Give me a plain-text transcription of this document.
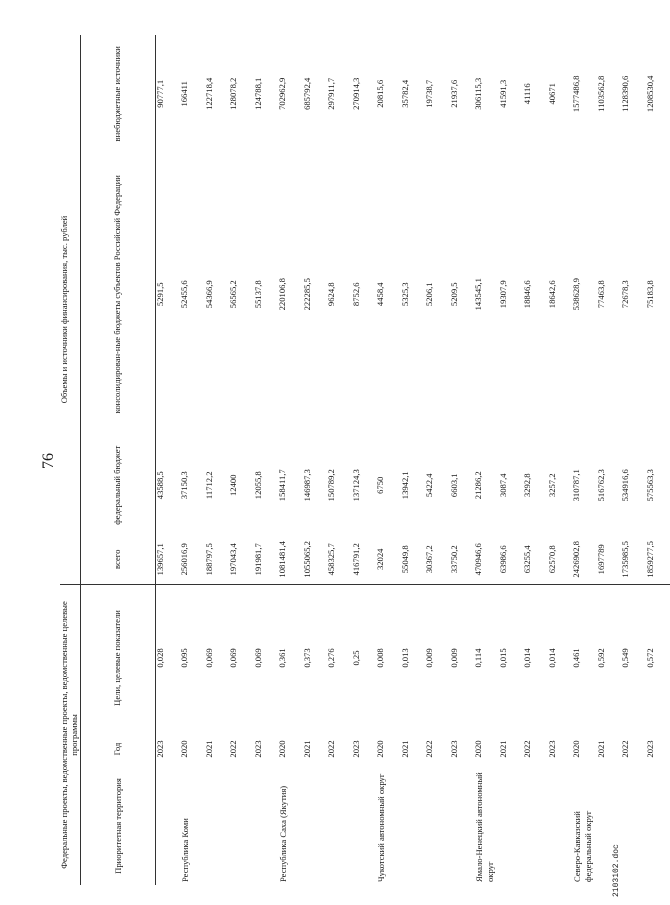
76
Федеральные проекты, ведомственные проекты, ведомственные целевые программы			Объемы и источники финансирования, тыс. рублей			
Приоритетная территория	Год	Цели, целевые показатели	всего	федеральный бюджет	консолидирован-ные бюджеты субъектов Российской Федерации	внебюджетные источники
	2023	0,028	139657,1	43588,5	5291,5	90777,1
Республика Коми	2020	0,095	256016,9	37150,3	52455,6	166411
	2021	0,069	188797,5	11712,2	54366,9	122718,4
	2022	0,069	197043,4	12400	56565,2	128078,2
	2023	0,069	191981,7	12055,8	55137,8	124788,1
Республика Саха (Якутия)	2020	0,361	1081481,4	158411,7	220106,8	702962,9
	2021	0,373	1055065,2	146987,3	222285,5	685792,4
	2022	0,276	458325,7	150789,2	9624,8	297911,7
	2023	0,25	416791,2	137124,3	8752,6	270914,3
Чукотский автономный округ	2020	0,008	32024	6750	4458,4	20815,6
	2021	0,013	55049,8	13942,1	5325,3	35782,4
	2022	0,009	30367,2	5422,4	5206,1	19738,7
	2023	0,009	33750,2	6603,1	5209,5	21937,6
Ямало-Ненецкий автономный округ	2020	0,114	470946,6	21286,2	143545,1	306115,3
	2021	0,015	63986,6	3087,4	19307,9	41591,3
	2022	0,014	63255,4	3292,8	18846,6	41116
	2023	0,014	62570,8	3257,2	18642,6	40671
Северо-Кавказский федеральный округ	2020	0,461	2426902,8	310787,1	538628,9	1577486,8
	2021	0,592	1697789	516762,3	77463,8	1103562,8
	2022	0,549	1735985,5	534916,6	72678,3	1128390,6
	2023	0,572	1859277,5	575563,3	75183,8	1208530,4
2103102.doc
